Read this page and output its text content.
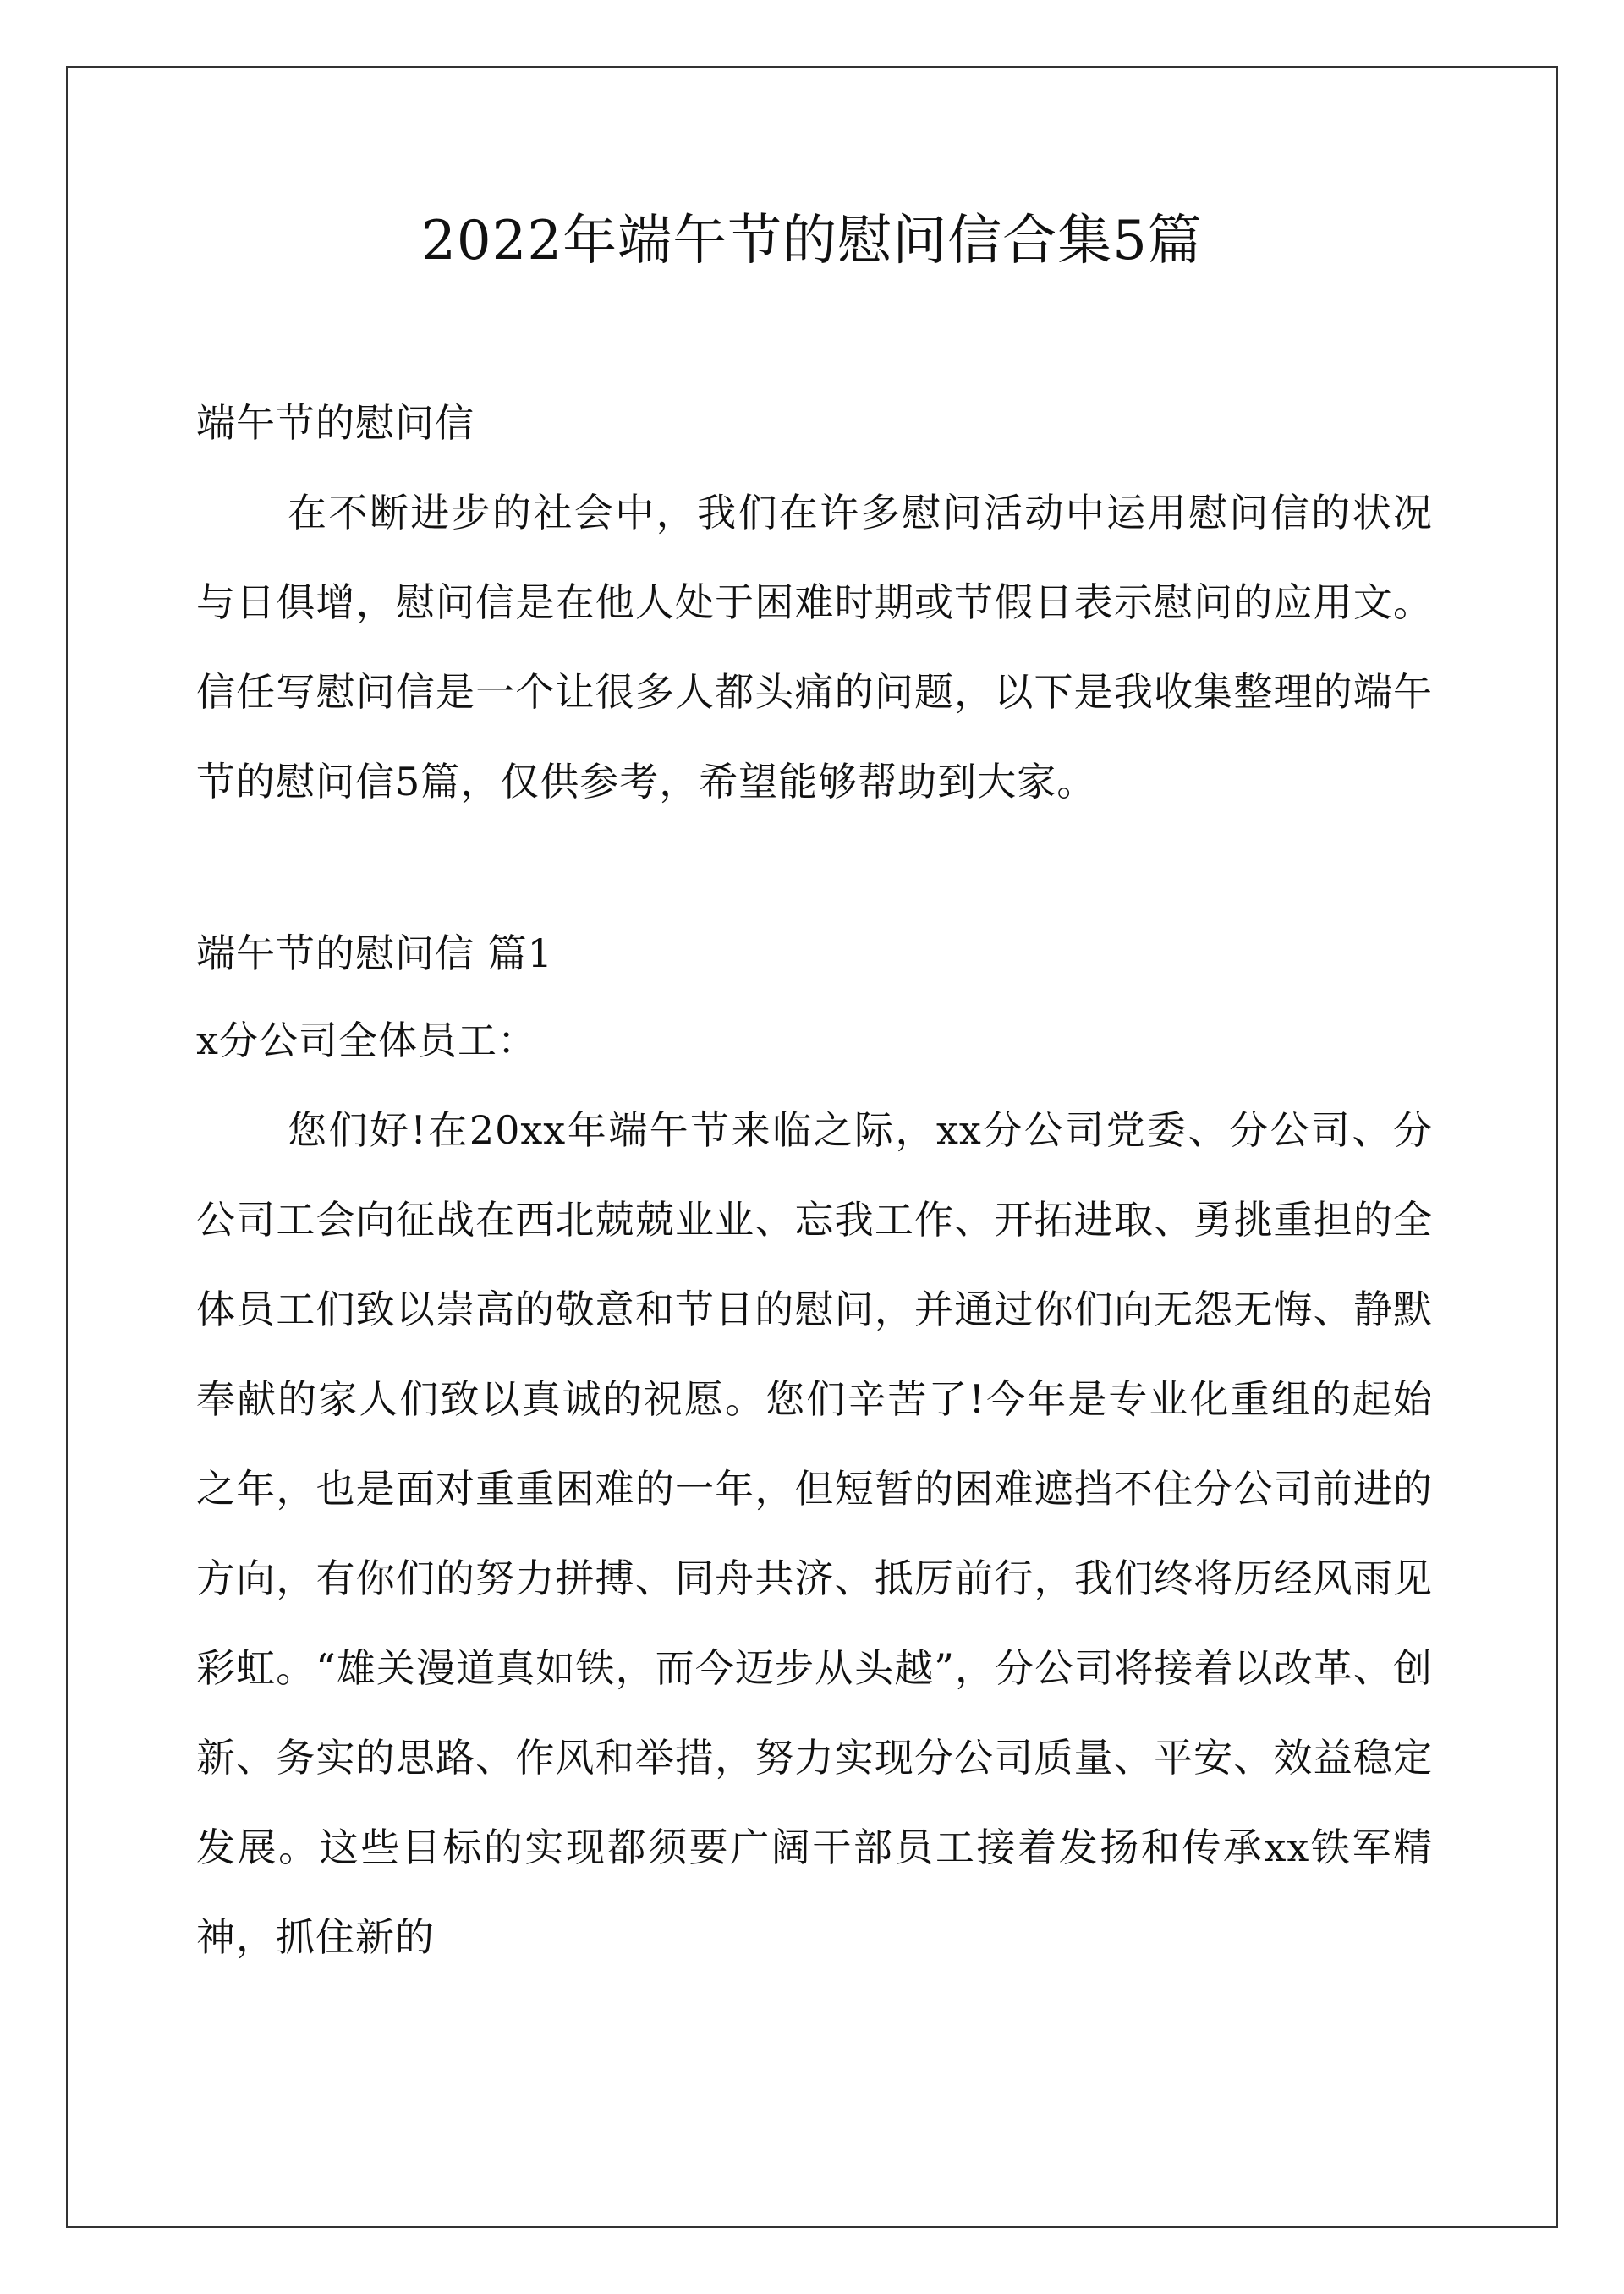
2022年端午节的慰问信合集5篇

端午节的慰问信

在不断进步的社会中，我们在许多慰问活动中运用慰问信的状况与日俱增，慰问信是在他人处于困难时期或节假日表示慰问的应用文。信任写慰问信是一个让很多人都头痛的问题，以下是我收集整理的端午节的慰问信5篇，仅供参考，希望能够帮助到大家。

端午节的慰问信 篇1

x分公司全体员工：

您们好!在20xx年端午节来临之际，xx分公司党委、分公司、分公司工会向征战在西北兢兢业业、忘我工作、开拓进取、勇挑重担的全体员工们致以崇高的敬意和节日的慰问，并通过你们向无怨无悔、静默奉献的家人们致以真诚的祝愿。您们辛苦了!今年是专业化重组的起始之年，也是面对重重困难的一年，但短暂的困难遮挡不住分公司前进的方向，有你们的努力拼搏、同舟共济、抵厉前行，我们终将历经风雨见彩虹。“雄关漫道真如铁，而今迈步从头越”，分公司将接着以改革、创新、务实的思路、作风和举措，努力实现分公司质量、平安、效益稳定发展。这些目标的实现都须要广阔干部员工接着发扬和传承xx铁军精神，抓住新的
